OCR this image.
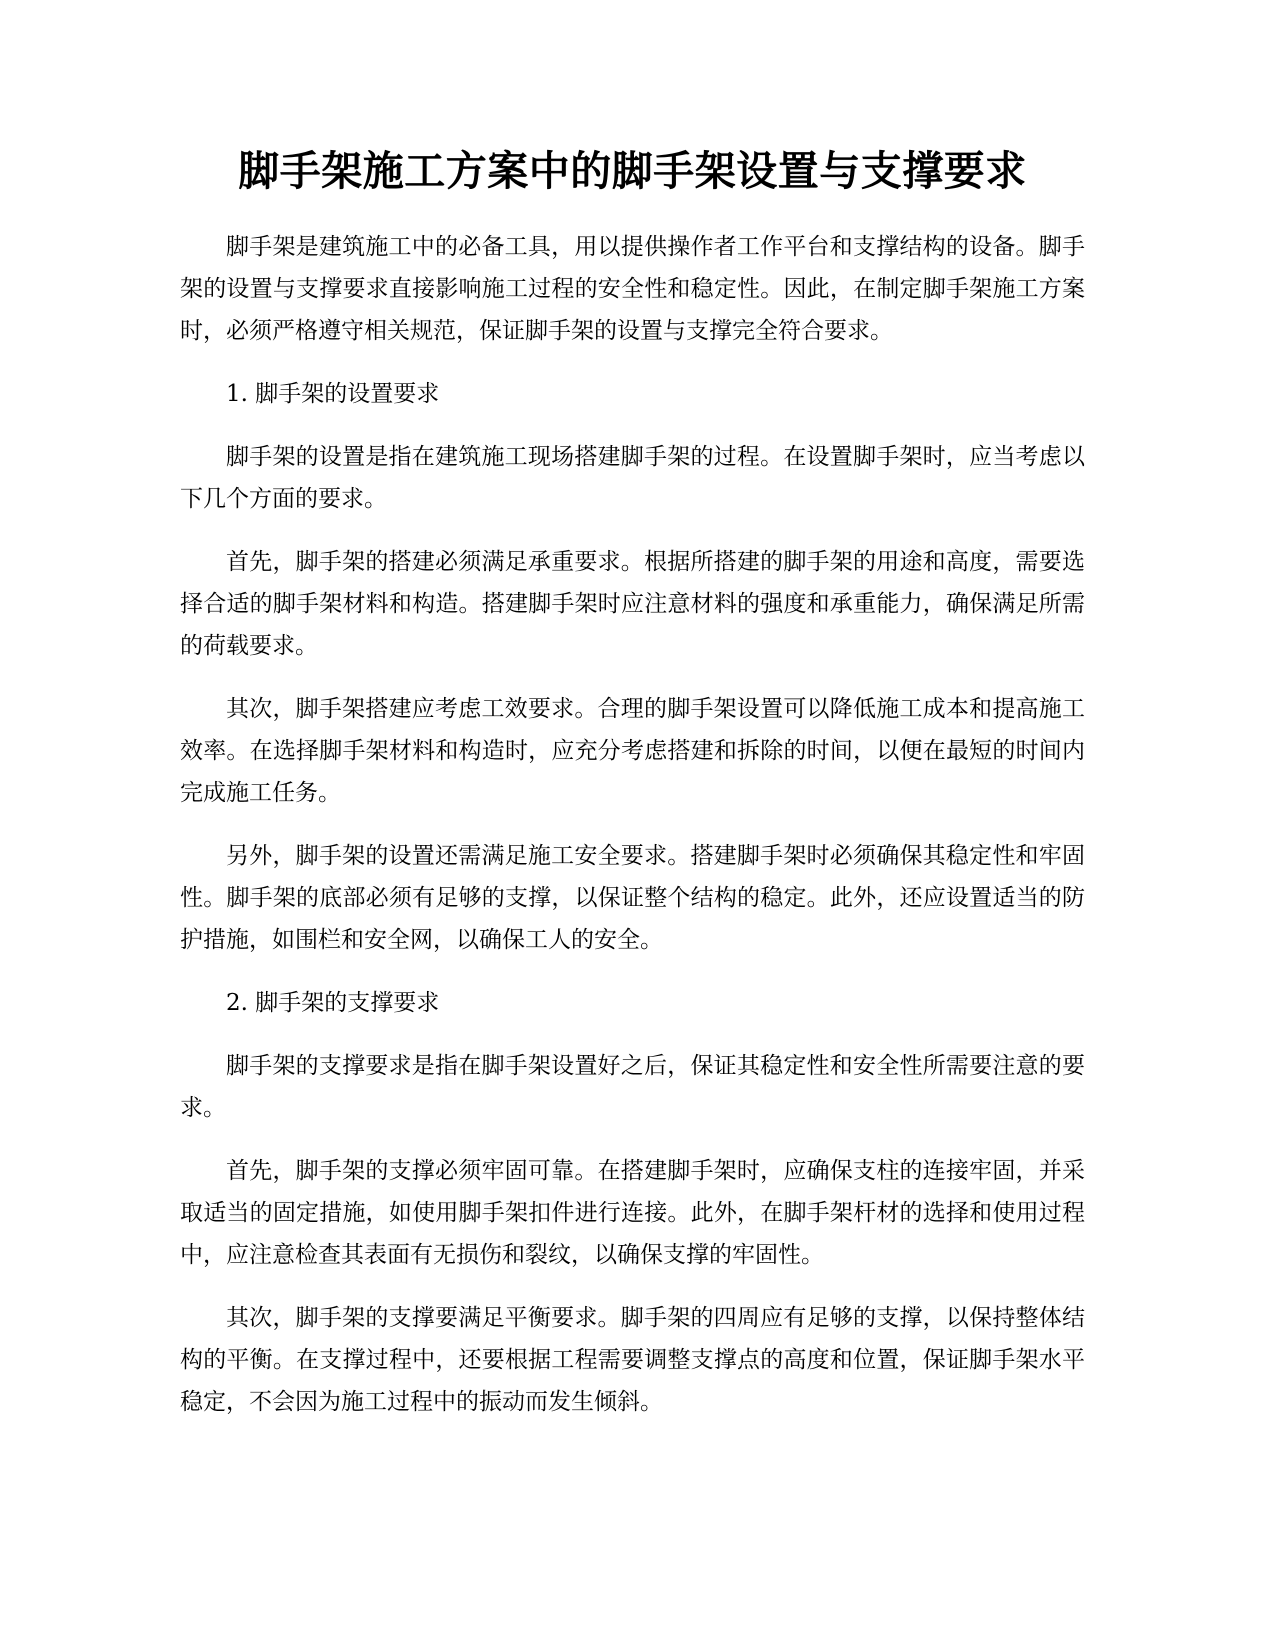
脚手架施工方案中的脚手架设置与支撑要求

脚手架是建筑施工中的必备工具，用以提供操作者工作平台和支撑结构的设备。脚手架的设置与支撑要求直接影响施工过程的安全性和稳定性。因此，在制定脚手架施工方案时，必须严格遵守相关规范，保证脚手架的设置与支撑完全符合要求。

1. 脚手架的设置要求

脚手架的设置是指在建筑施工现场搭建脚手架的过程。在设置脚手架时，应当考虑以下几个方面的要求。

首先，脚手架的搭建必须满足承重要求。根据所搭建的脚手架的用途和高度，需要选择合适的脚手架材料和构造。搭建脚手架时应注意材料的强度和承重能力，确保满足所需的荷载要求。

其次，脚手架搭建应考虑工效要求。合理的脚手架设置可以降低施工成本和提高施工效率。在选择脚手架材料和构造时，应充分考虑搭建和拆除的时间，以便在最短的时间内完成施工任务。

另外，脚手架的设置还需满足施工安全要求。搭建脚手架时必须确保其稳定性和牢固性。脚手架的底部必须有足够的支撑，以保证整个结构的稳定。此外，还应设置适当的防护措施，如围栏和安全网，以确保工人的安全。

2. 脚手架的支撑要求

脚手架的支撑要求是指在脚手架设置好之后，保证其稳定性和安全性所需要注意的要求。

首先，脚手架的支撑必须牢固可靠。在搭建脚手架时，应确保支柱的连接牢固，并采取适当的固定措施，如使用脚手架扣件进行连接。此外，在脚手架杆材的选择和使用过程中，应注意检查其表面有无损伤和裂纹，以确保支撑的牢固性。

其次，脚手架的支撑要满足平衡要求。脚手架的四周应有足够的支撑，以保持整体结构的平衡。在支撑过程中，还要根据工程需要调整支撑点的高度和位置，保证脚手架水平稳定，不会因为施工过程中的振动而发生倾斜。
